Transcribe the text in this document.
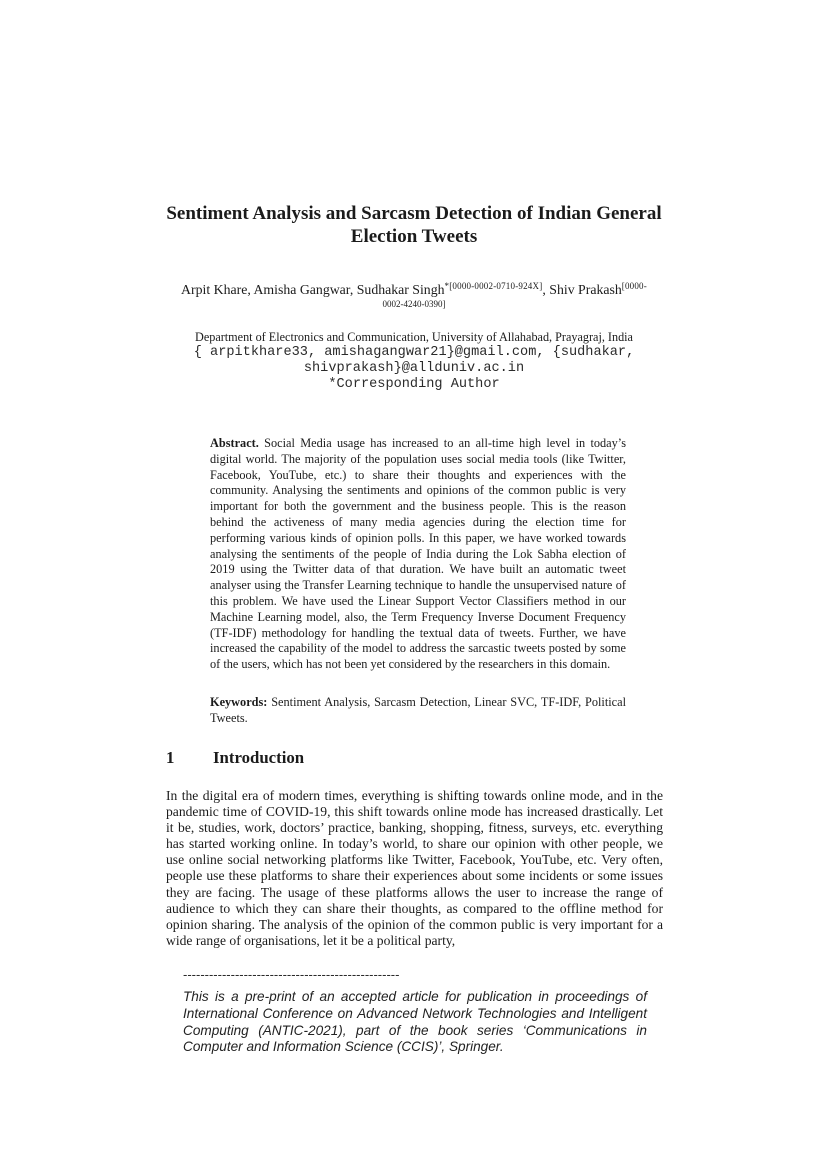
Sentiment Analysis and Sarcasm Detection of Indian General Election Tweets
Arpit Khare, Amisha Gangwar, Sudhakar Singh$^{*[0000-0002-0710-924X]}$, Shiv Prakash$^{[0000-}$
0002-4240-0390]
Department of Electronics and Communication, University of Allahabad, Prayagraj, India
{ arpitkhare33, amishagangwar21}@gmail.com, {sudhakar,
shivprakash}@allduniv.ac.in
*Corresponding Author
Abstract. Social Media usage has increased to an all-time high level in today’s digital world. The majority of the population uses social media tools (like Twitter, Facebook, YouTube, etc.) to share their thoughts and experiences with the community. Analysing the sentiments and opinions of the common public is very important for both the government and the business people. This is the reason behind the activeness of many media agencies during the election time for performing various kinds of opinion polls. In this paper, we have worked towards analysing the sentiments of the people of India during the Lok Sabha election of 2019 using the Twitter data of that duration. We have built an automatic tweet analyser using the Transfer Learning technique to handle the unsupervised nature of this problem. We have used the Linear Support Vector Classifiers method in our Machine Learning model, also, the Term Frequency Inverse Document Frequency (TF-IDF) methodology for handling the textual data of tweets. Further, we have increased the capability of the model to address the sarcastic tweets posted by some of the users, which has not been yet considered by the researchers in this domain.
Keywords: Sentiment Analysis, Sarcasm Detection, Linear SVC, TF-IDF, Political Tweets.
1 Introduction
In the digital era of modern times, everything is shifting towards online mode, and in the pandemic time of COVID-19, this shift towards online mode has increased drastically. Let it be, studies, work, doctors’ practice, banking, shopping, fitness, surveys, etc. everything has started working online. In today’s world, to share our opinion with other people, we use online social networking platforms like Twitter, Facebook, YouTube, etc. Very often, people use these platforms to share their experiences about some incidents or some issues they are facing. The usage of these platforms allows the user to increase the range of audience to which they can share their thoughts, as compared to the offline method for opinion sharing. The analysis of the opinion of the common public is very important for a wide range of organisations, let it be a political party,
--------------------------------------------------
This is a pre-print of an accepted article for publication in proceedings of International Conference on Advanced Network Technologies and Intelligent Computing (ANTIC-2021), part of the book series ‘Communications in Computer and Information Science (CCIS)’, Springer.
